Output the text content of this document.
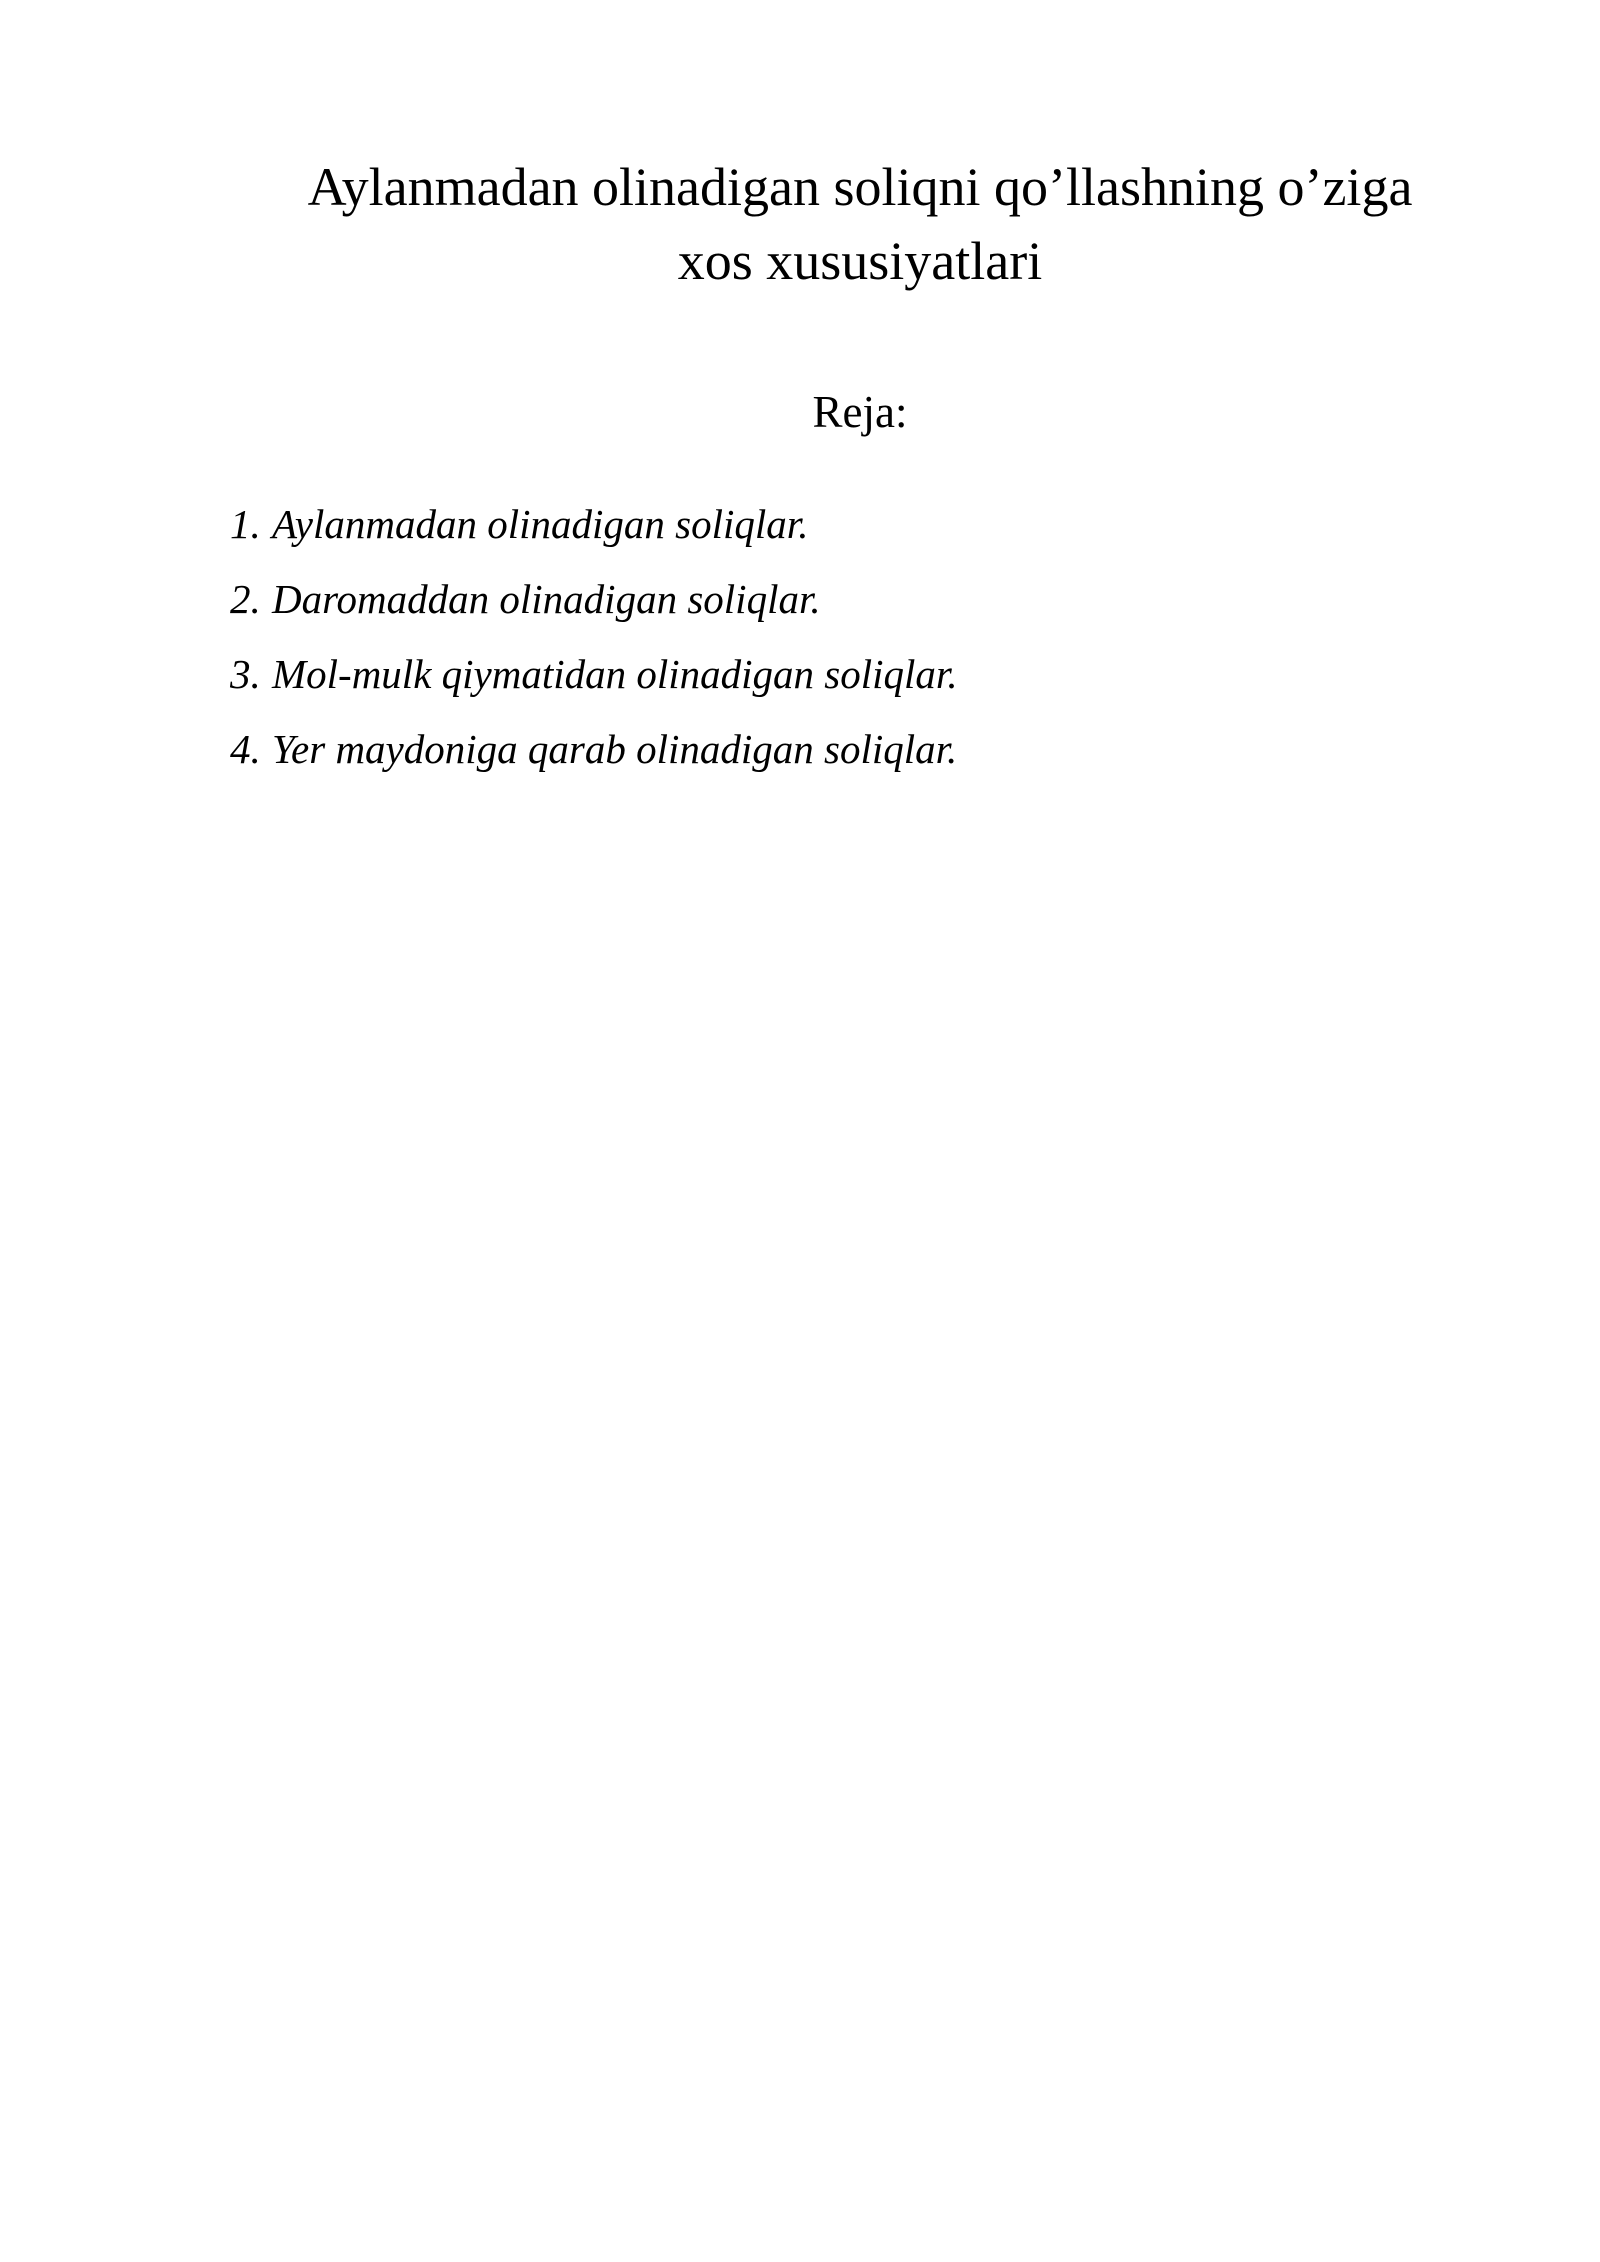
Aylanmadan olinadigan soliqni qo’llashning o’ziga
xos xususiyatlari
Reja:
1. Aylanmadan olinadigan soliqlar.
2. Daromaddan olinadigan soliqlar.
3. Mol-mulk qiymatidan olinadigan soliqlar.
4. Yer maydoniga qarab olinadigan soliqlar.
